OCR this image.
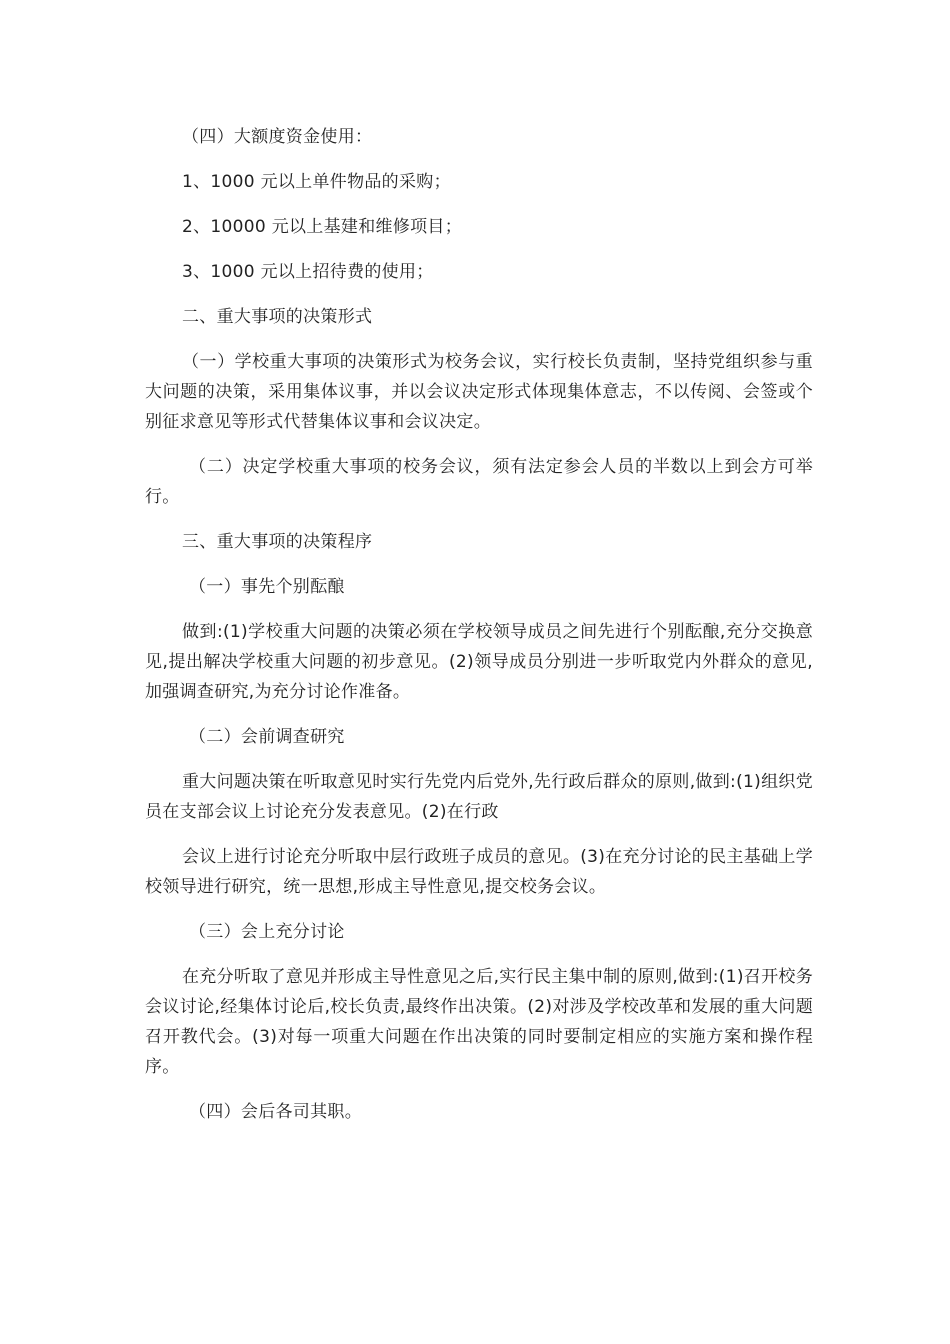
（四）大额度资金使用：

1、1000 元以上单件物品的采购；

2、10000 元以上基建和维修项目；

3、1000 元以上招待费的使用；

二、重大事项的决策形式

（一）学校重大事项的决策形式为校务会议，实行校长负责制，坚持党组织参与重大问题的决策，采用集体议事，并以会议决定形式体现集体意志，不以传阅、会签或个别征求意见等形式代替集体议事和会议决定。

（二）决定学校重大事项的校务会议，须有法定参会人员的半数以上到会方可举行。

三、重大事项的决策程序

（一）事先个别酝酿

做到:(1)学校重大问题的决策必须在学校领导成员之间先进行个别酝酿,充分交换意见,提出解决学校重大问题的初步意见。(2)领导成员分别进一步听取党内外群众的意见,加强调查研究,为充分讨论作准备。

（二）会前调查研究

重大问题决策在听取意见时实行先党内后党外,先行政后群众的原则,做到:(1)组织党员在支部会议上讨论充分发表意见。(2)在行政

会议上进行讨论充分听取中层行政班子成员的意见。(3)在充分讨论的民主基础上学校领导进行研究，统一思想,形成主导性意见,提交校务会议。

（三）会上充分讨论

在充分听取了意见并形成主导性意见之后,实行民主集中制的原则,做到:(1)召开校务会议讨论,经集体讨论后,校长负责,最终作出决策。(2)对涉及学校改革和发展的重大问题召开教代会。(3)对每一项重大问题在作出决策的同时要制定相应的实施方案和操作程序。

（四）会后各司其职。
